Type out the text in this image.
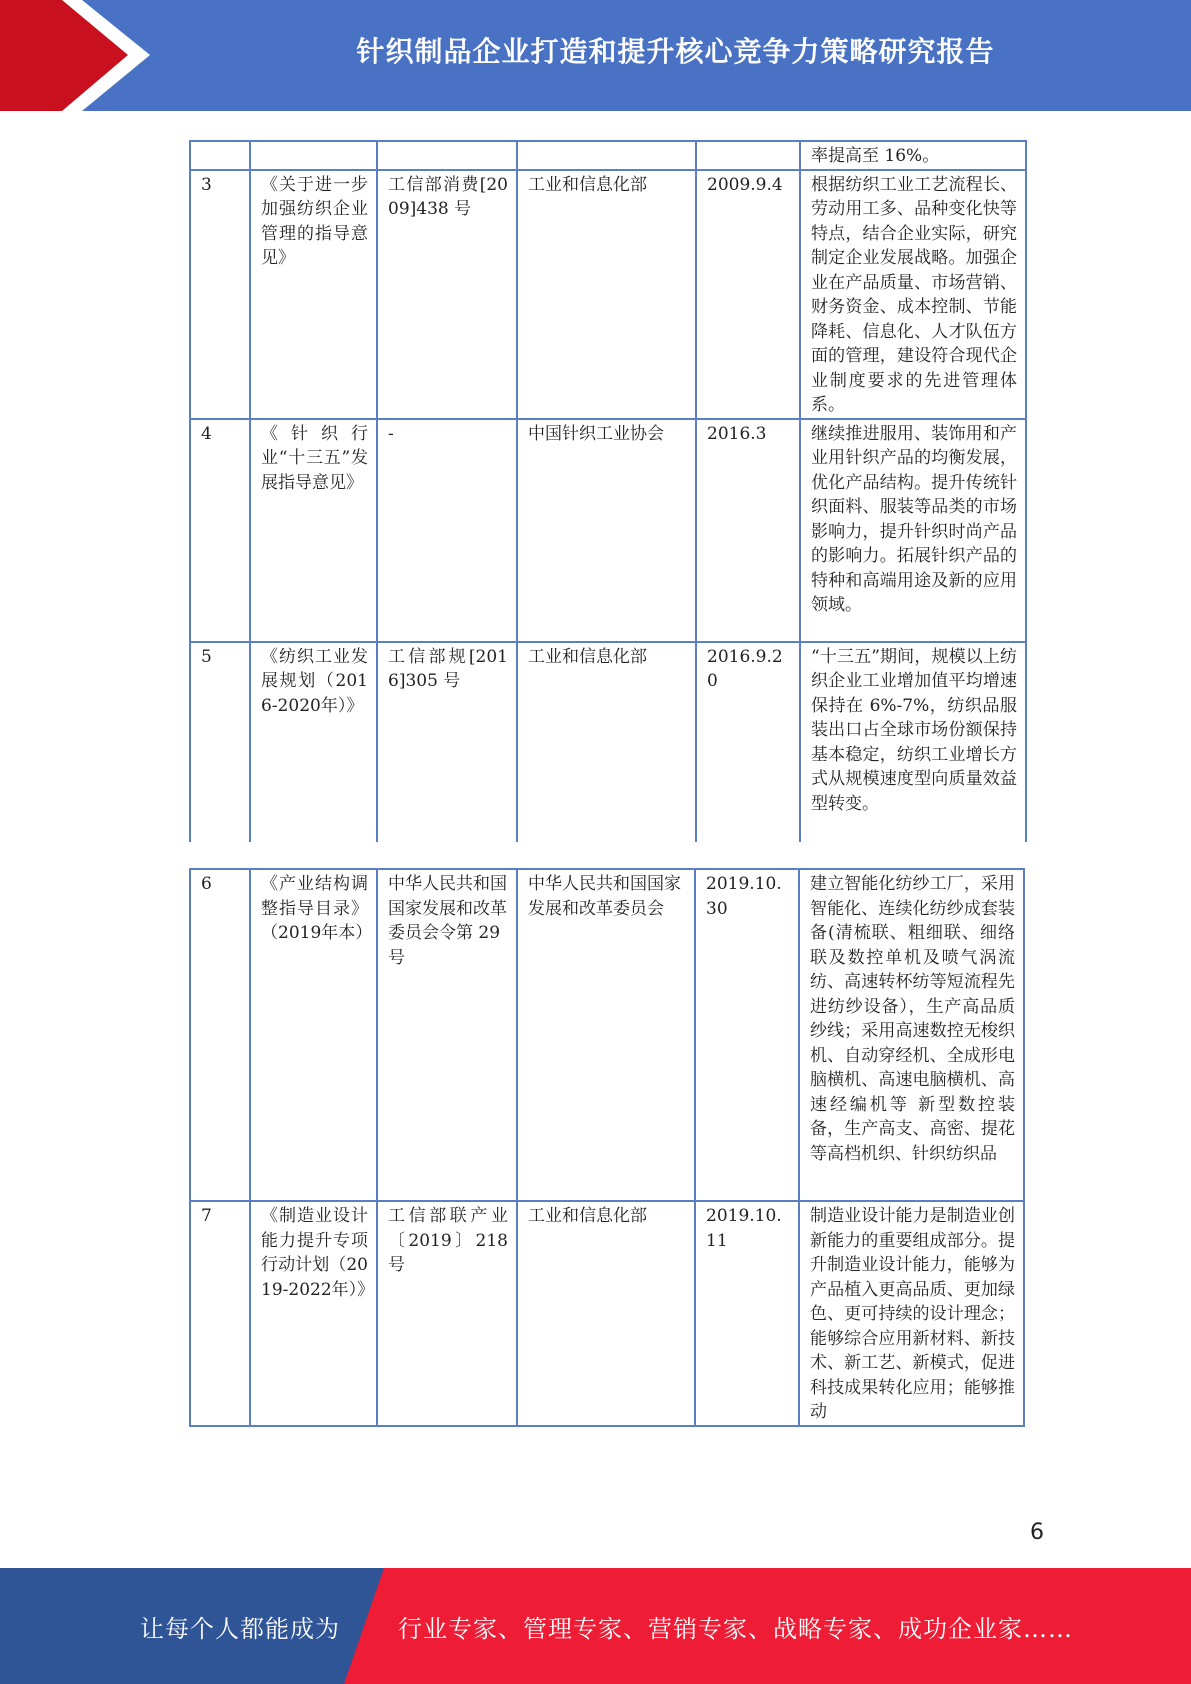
针织制品企业打造和提升核心竞争力策略研究报告
					率提高至 16%。
3	《关于进一步加强纺织企业管理的指导意见》	工信部消费[2009]438 号	工业和信息化部	2009.9.4	根据纺织工业工艺流程长、劳动用工多、品种变化快等特点，结合企业实际，研究制定企业发展战略。加强企业在产品质量、市场营销、财务资金、成本控制、节能降耗、信息化、人才队伍方面的管理，建设符合现代企业制度要求的先进管理体系。
4	《针织行业“十三五”发展指导意见》	-	中国针织工业协会	2016.3	继续推进服用、装饰用和产业用针织产品的均衡发展，优化产品结构。提升传统针织面料、服装等品类的市场影响力，提升针织时尚产品的影响力。拓展针织产品的特种和高端用途及新的应用领域。
5	《纺织工业发展规划（2016-2020年）》	工信部规[2016]305 号	工业和信息化部	2016.9.20	“十三五”期间，规模以上纺织企业工业增加值平均增速保持在 6%-7%，纺织品服装出口占全球市场份额保持基本稳定，纺织工业增长方式从规模速度型向质量效益型转变。
6	《产业结构调整指导目录》（2019年本）	中华人民共和国国家发展和改革委员会令第 29 号	中华人民共和国国家发展和改革委员会	2019.10.30	建立智能化纺纱工厂，采用智能化、连续化纺纱成套装备(清梳联、粗细联、细络联及数控单机及喷气涡流纺、高速转杯纺等短流程先进纺纱设备），生产高品质纱线；采用高速数控无梭织机、自动穿经机、全成形电脑横机、高速电脑横机、高速经编机等 新型数控装备，生产高支、高密、提花等高档机织、针织纺织品
7	《制造业设计能力提升专项行动计划（2019-2022年）》	工信部联产业〔2019〕218 号	工业和信息化部	2019.10.11	制造业设计能力是制造业创新能力的重要组成部分。提升制造业设计能力，能够为产品植入更高品质、更加绿色、更可持续的设计理念；能够综合应用新材料、新技术、新工艺、新模式，促进科技成果转化应用；能够推动
6
让每个人都能成为 行业专家、管理专家、营销专家、战略专家、成功企业家……
